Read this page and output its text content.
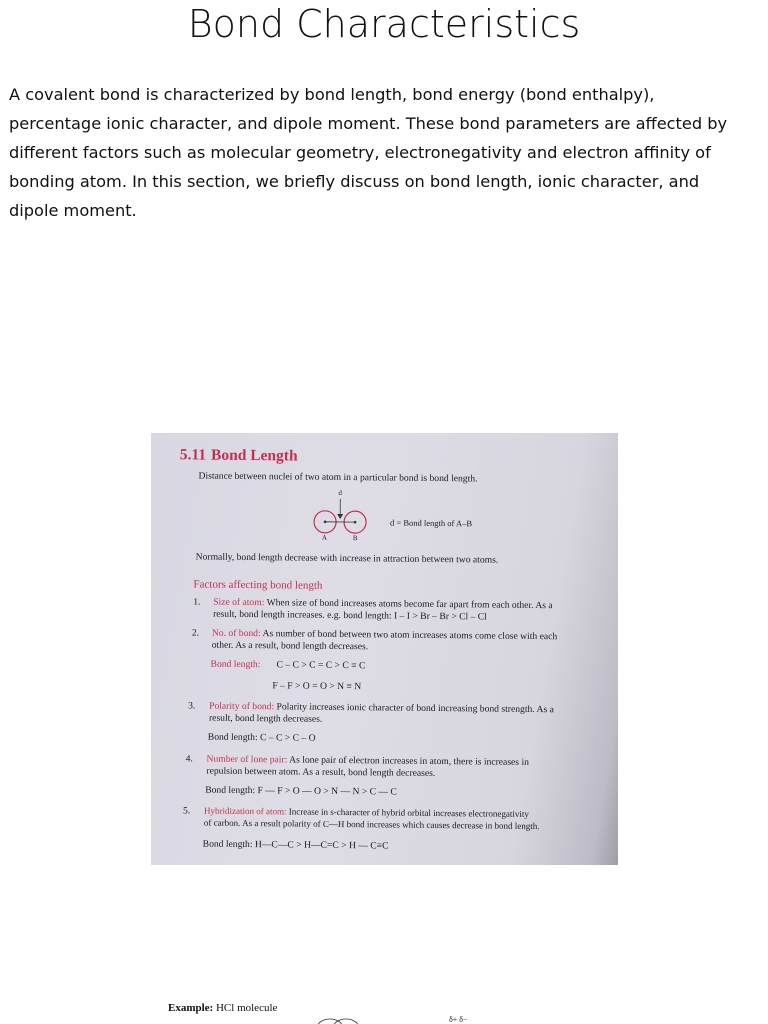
Bond Characteristics
A covalent bond is characterized by bond length, bond energy (bond enthalpy), percentage ionic character, and dipole moment. These bond parameters are affected by different factors such as molecular geometry, electronegativity and electron affinity of bonding atom. In this section, we briefly discuss on bond length, ionic character, and dipole moment.
5.11 Bond Length
Distance between nuclei of two atom in a particular bond is bond length.
d
A	B
d = Bond length of A–B
Normally, bond length decrease with increase in attraction between two atoms.
Factors affecting bond length
1. Size of atom: When size of bond increases atoms become far apart from each other. As a
result, bond length increases. e.g. bond length: I – I > Br – Br > Cl – Cl
2. No. of bond: As number of bond between two atom increases atoms come close with each
other. As a result, bond length decreases.
Bond length: C – C > C = C > C ≡ C
F – F > O = O > N ≡ N
3. Polarity of bond: Polarity increases ionic character of bond increasing bond strength. As a
result, bond length decreases.
Bond length: C – C > C – O
4. Number of lone pair: As lone pair of electron increases in atom, there is increases in
repulsion between atom. As a result, bond length decreases.
Bond length: F — F > O — O > N — N > C — C
5. Hybridization of atom: Increase in s-character of hybrid orbital increases electronegativity
of carbon. As a result polarity of C—H bond increases which causes decrease in bond length.
Bond length: H—C—C > H—C=C > H — C≡C
Example: HCl molecule
δ+ δ−
